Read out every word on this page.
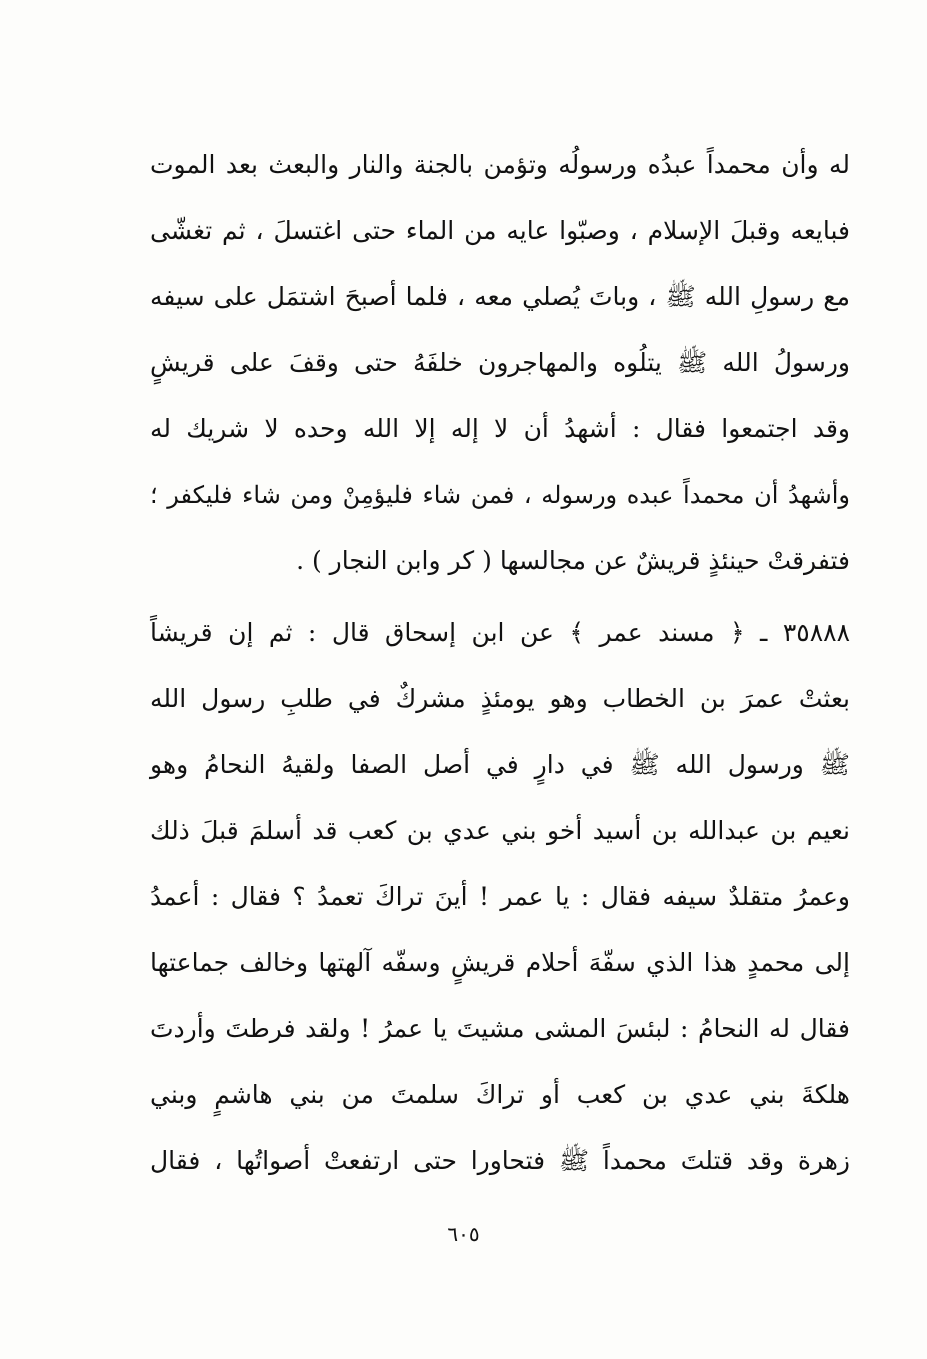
له وأن محمداً عبدُه ورسولُه وتؤمن بالجنة والنار والبعث بعد الموت
فبايعه وقبلَ الإسلام ، وصبّوا عايه من الماء حتى اغتسلَ ، ثم تغشّى
مع رسولِ الله ﷺ ، وباتَ يُصلي معه ، فلما أصبحَ اشتمَل على سيفه
ورسولُ الله ﷺ يتلُوه والمهاجرون خلفَهُ حتى وقفَ على قريشٍ
وقد اجتمعوا فقال : أشهدُ أن لا إله إلا الله وحده لا شريك له
وأشهدُ أن محمداً عبده ورسوله ، فمن شاء فليؤمِنْ ومن شاء فليكفر ؛
فتفرقتْ حينئذٍ قريشٌ عن مجالسها ( كر وابن النجار ) .
٣٥٨٨٨ ـ ﴿ مسند عمر ﴾ عن ابن إسحاق قال : ثم إن قريشاً
بعثتْ عمرَ بن الخطاب وهو يومئذٍ مشركٌ في طلبِ رسول الله
ﷺ ورسول الله ﷺ في دارٍ في أصل الصفا ولقيهُ النحامُ وهو
نعيم بن عبدالله بن أسيد أخو بني عدي بن كعب قد أسلمَ قبلَ ذلك
وعمرُ متقلدٌ سيفه فقال : يا عمر ! أينَ تراكَ تعمدُ ؟ فقال : أعمدُ
إلى محمدٍ هذا الذي سفّهَ أحلام قريشٍ وسفّه آلهتها وخالف جماعتها
فقال له النحامُ : لبئسَ المشى مشيتَ يا عمرُ ! ولقد فرطتَ وأردتَ
هلكةَ بني عدي بن كعب أو تراكَ سلمتَ من بني هاشمٍ وبني
زهرة وقد قتلتَ محمداً ﷺ فتحاورا حتى ارتفعتْ أصواتُها ، فقال
٦٠٥
